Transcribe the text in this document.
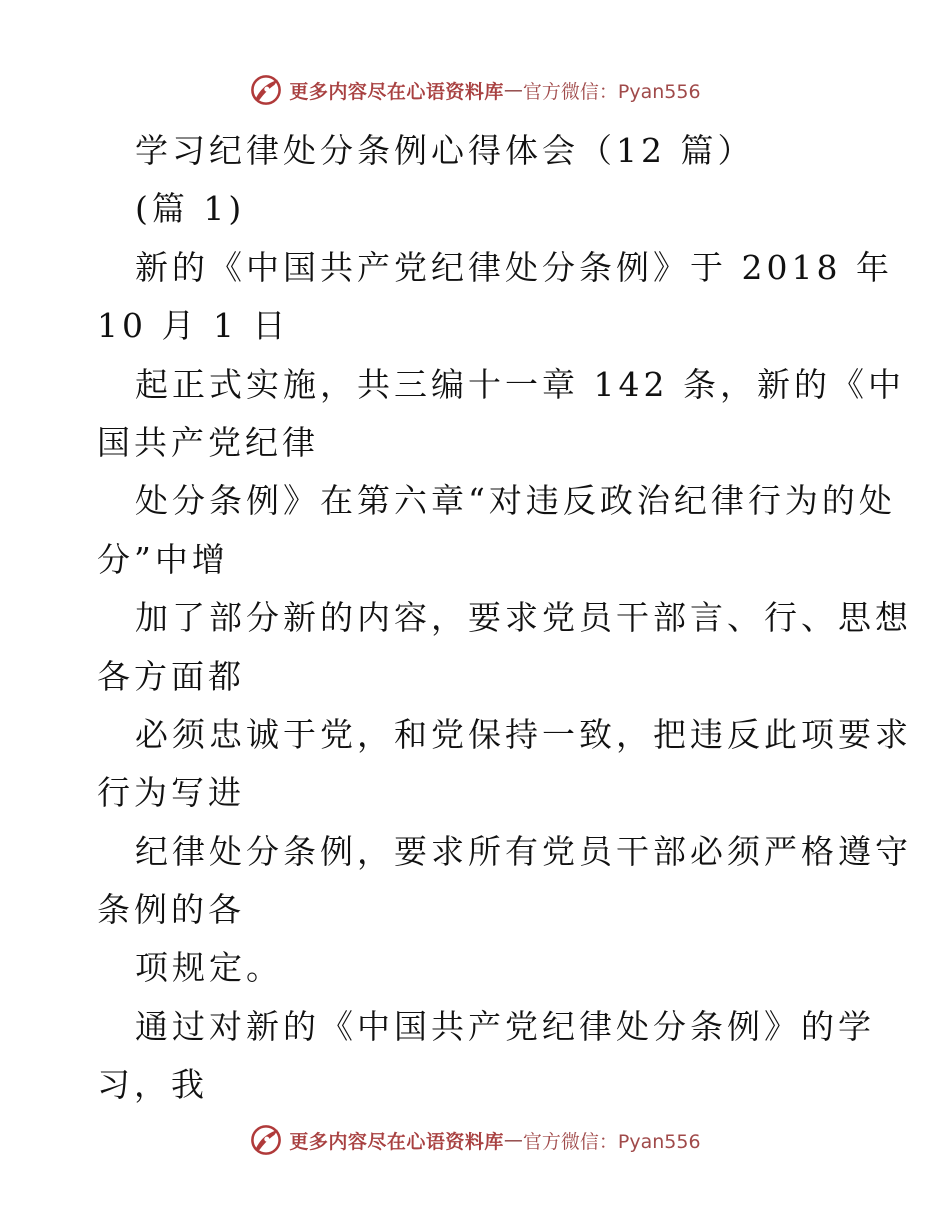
更多内容尽在心语资料库 — 官方微信：Pyan556
学习纪律处分条例心得体会（12 篇）
(篇 1)
新的《中国共产党纪律处分条例》于 2018 年
10 月 1 日
起正式实施，共三编十一章 142 条，新的《中
国共产党纪律
处分条例》在第六章“对违反政治纪律行为的处
分”中增
加了部分新的内容，要求党员干部言、行、思想
各方面都
必须忠诚于党，和党保持一致，把违反此项要求
行为写进
纪律处分条例，要求所有党员干部必须严格遵守
条例的各
项规定。
通过对新的《中国共产党纪律处分条例》的学
习，我
更多内容尽在心语资料库 — 官方微信：Pyan556
